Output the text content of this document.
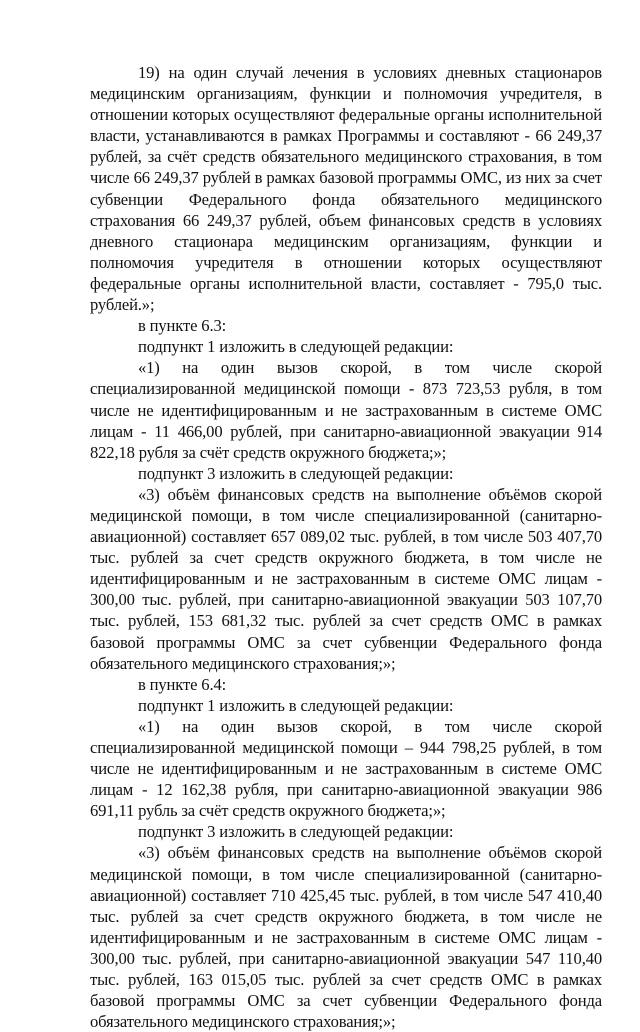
19) на один случай лечения в условиях дневных стационаров медицинским организациям, функции и полномочия учредителя, в отношении которых осуществляют федеральные органы исполнительной власти, устанавливаются в рамках Программы и составляют - 66 249,37 рублей, за счёт средств обязательного медицинского страхования, в том числе 66 249,37 рублей в рамках базовой программы ОМС, из них за счет субвенции Федерального фонда обязательного медицинского страхования 66 249,37 рублей, объем финансовых средств в условиях дневного стационара медицинским организациям, функции и полномочия учредителя в отношении которых осуществляют федеральные органы исполнительной власти, составляет - 795,0 тыс. рублей.»;

в пункте 6.3:

подпункт 1 изложить в следующей редакции:

«1) на один вызов скорой, в том числе скорой специализированной медицинской помощи - 873 723,53 рубля, в том числе не идентифицированным и не застрахованным в системе ОМС лицам - 11 466,00 рублей, при санитарно-авиационной эвакуации 914 822,18 рубля за счёт средств окружного бюджета;»;

подпункт 3 изложить в следующей редакции:

«3) объём финансовых средств на выполнение объёмов скорой медицинской помощи, в том числе специализированной (санитарно-авиационной) составляет 657 089,02 тыс. рублей, в том числе 503 407,70 тыс. рублей за счет средств окружного бюджета, в том числе не идентифицированным и не застрахованным в системе ОМС лицам - 300,00 тыс. рублей, при санитарно-авиационной эвакуации 503 107,70 тыс. рублей, 153 681,32 тыс. рублей за счет средств ОМС в рамках базовой программы ОМС за счет субвенции Федерального фонда обязательного медицинского страхования;»;

в пункте 6.4:

подпункт 1 изложить в следующей редакции:

«1) на один вызов скорой, в том числе скорой специализированной медицинской помощи – 944 798,25 рублей, в том числе не идентифицированным и не застрахованным в системе ОМС лицам - 12 162,38 рубля, при санитарно-авиационной эвакуации 986 691,11 рубль за счёт средств окружного бюджета;»;

подпункт 3 изложить в следующей редакции:

«3) объём финансовых средств на выполнение объёмов скорой медицинской помощи, в том числе специализированной (санитарно-авиационной) составляет 710 425,45 тыс. рублей, в том числе 547 410,40 тыс. рублей за счет средств окружного бюджета, в том числе не идентифицированным и не застрахованным в системе ОМС лицам - 300,00 тыс. рублей, при санитарно-авиационной эвакуации 547 110,40 тыс. рублей, 163 015,05 тыс. рублей за счет средств ОМС в рамках базовой программы ОМС за счет субвенции Федерального фонда обязательного медицинского страхования;»;
